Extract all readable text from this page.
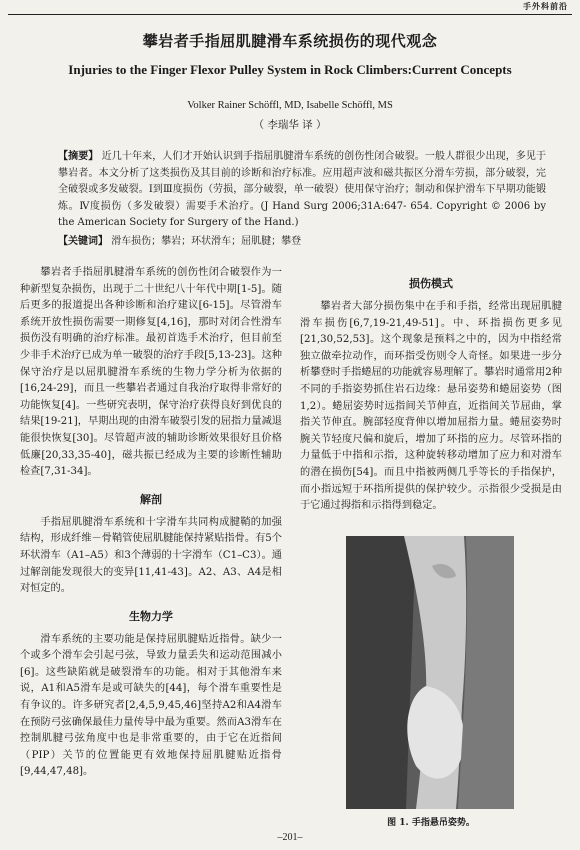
手外科前沿
攀岩者手指屈肌腱滑车系统损伤的现代观念
Injuries to the Finger Flexor Pulley System in Rock Climbers:Current Concepts
Volker Rainer Schöffl, MD, Isabelle Schöffl, MS
（ 李瑞华 译 ）
【摘要】 近几十年来，人们才开始认识到手指屈肌腱滑车系统的创伤性闭合破裂。一般人群很少出现，多见于攀岩者。本文分析了这类损伤及其目前的诊断和治疗标准。应用超声波和磁共振区分滑车劳损，部分破裂，完全破裂或多发破裂。I到Ⅲ度损伤（劳损，部分破裂，单一破裂）使用保守治疗；制动和保护滑车下早期功能锻炼。Ⅳ度损伤（多发破裂）需要手术治疗。(J Hand Surg 2006;31A:647- 654. Copyright © 2006 by the American Society for Surgery of the Hand.)
【关键词】 滑车损伤；攀岩；环状滑车；屈肌腱；攀登

攀岩者手指屈肌腱滑车系统的创伤性闭合破裂作为一种新型复杂损伤，出现于二十世纪八十年代中期[1-5]。随后更多的报道提出各种诊断和治疗建议[6-15]。尽管滑车系统开放性损伤需要一期修复[4,16]，那时对闭合性滑车损伤没有明确的治疗标准。最初首选手术治疗，但目前至少非手术治疗已成为单一破裂的治疗手段[5,13-23]。这种保守治疗是以屈肌腱滑车系统的生物力学分析为依据的[16,24-29]，而且一些攀岩者通过自我治疗取得非常好的功能恢复[4]。一些研究表明，保守治疗获得良好到优良的结果[19-21]，早期出现的由滑车破裂引发的屈指力量减退能很快恢复[30]。尽管超声波的辅助诊断效果很好且价格低廉[20,33,35-40]，磁共振已经成为主要的诊断性辅助检查[7,31-34]。

解剖

手指屈肌腱滑车系统和十字滑车共同构成腱鞘的加强结构，形成纤维－骨鞘管使屈肌腱能保持紧贴指骨。有5个环状滑车（A1–A5）和3个薄弱的十字滑车（C1–C3）。通过解剖能发现很大的变异[11,41-43]。A2、A3、A4是相对恒定的。

生物力学

滑车系统的主要功能是保持屈肌腱贴近指骨。缺少一个或多个滑车会引起弓弦，导致力量丢失和运动范围减小[6]。这些缺陷就是破裂滑车的功能。相对于其他滑车来说，A1和A5滑车是或可缺失的[44]，每个滑车重要性是有争议的。许多研究者[2,4,5,9,45,46]坚持A2和A4滑车在预防弓弦确保最佳力量传导中最为重要。然而A3滑车在控制肌腱弓弦角度中也是非常重要的，由于它在近指间（PIP）关节的位置能更有效地保持屈肌腱贴近指骨[9,44,47,48]。

损伤模式

攀岩者大部分损伤集中在手和手指，经常出现屈肌腱滑车损伤[6,7,19-21,49-51]。中、环指损伤更多见[21,30,52,53]。这个现象是预料之中的，因为中指经常独立做牵拉动作，而环指受伤则令人奇怪。如果进一步分析攀登时手指蜷屈的功能就容易理解了。攀岩时通常用2种不同的手指姿势抓住岩石边缘：悬吊姿势和蜷屈姿势（图1,2）。蜷屈姿势时远指间关节伸直，近指间关节屈曲，掌指关节伸直。腕部轻度背伸以增加屈指力量。蜷屈姿势时腕关节轻度尺偏和旋后，增加了环指的应力。尽管环指的力量低于中指和示指，这种旋转移动增加了应力和对滑车的潜在损伤[54]。而且中指被两侧几乎等长的手指保护，而小指远短于环指所提供的保护较少。示指很少受损是由于它通过拇指和示指得到稳定。

图 1. 手指悬吊姿势。
–201–
